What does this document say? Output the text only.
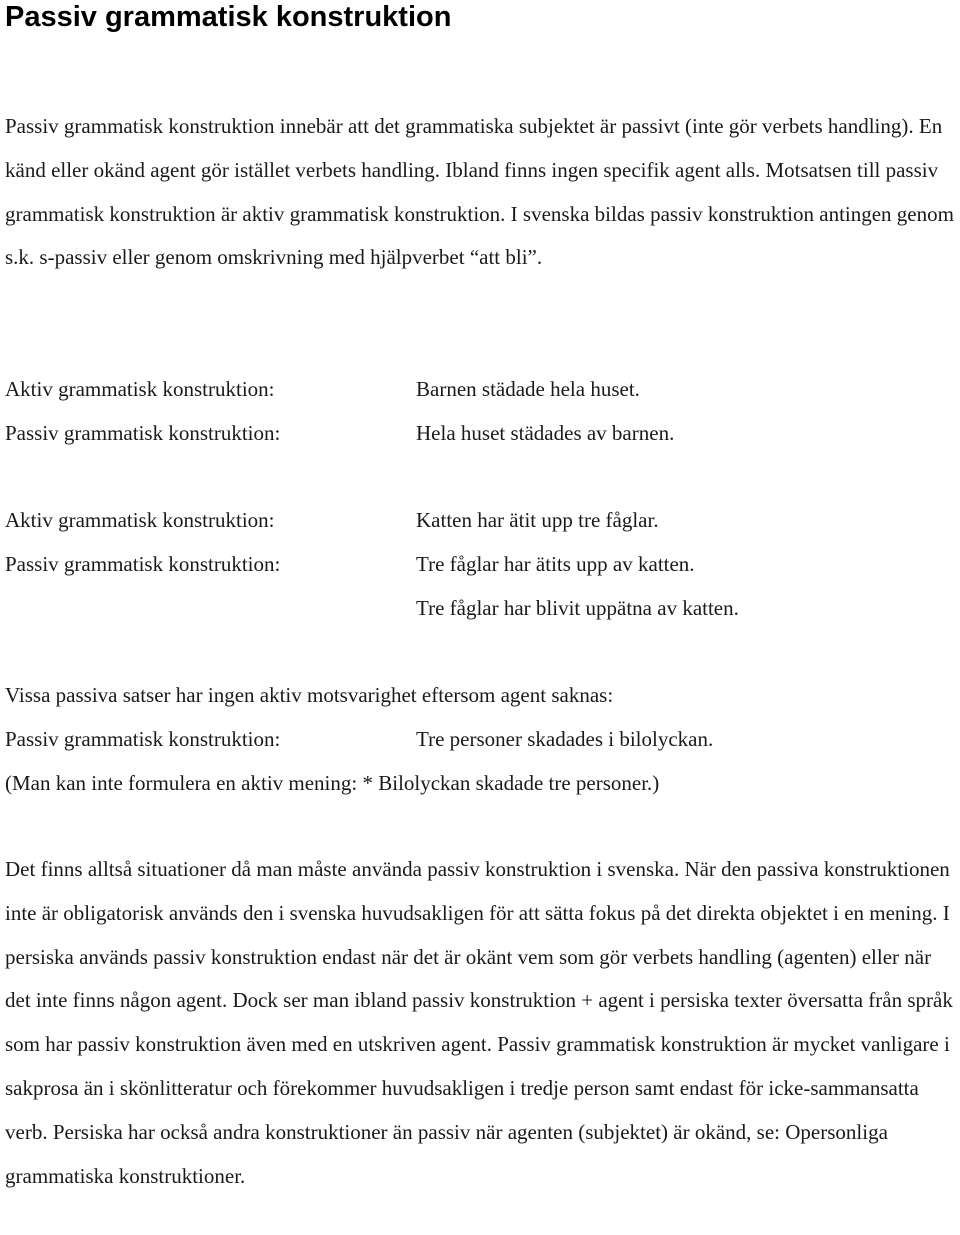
Passiv grammatisk konstruktion

Passiv grammatisk konstruktion innebär att det grammatiska subjektet är passivt (inte gör verbets handling). En känd eller okänd agent gör istället verbets handling. Ibland finns ingen specifik agent alls. Motsatsen till passiv grammatisk konstruktion är aktiv grammatisk konstruktion. I svenska bildas passiv konstruktion antingen genom s.k. s-passiv eller genom omskrivning med hjälpverbet “att bli”.

Aktiv grammatisk konstruktion:	Barnen städade hela huset.
Passiv grammatisk konstruktion:	Hela huset städades av barnen.
Aktiv grammatisk konstruktion:	Katten har ätit upp tre fåglar.
Passiv grammatisk konstruktion:	Tre fåglar har ätits upp av katten.
Tre fåglar har blivit uppätna av katten.
Vissa passiva satser har ingen aktiv motsvarighet eftersom agent saknas:
Passiv grammatisk konstruktion:	Tre personer skadades i bilolyckan.
(Man kan inte formulera en aktiv mening: * Bilolyckan skadade tre personer.)

Det finns alltså situationer då man måste använda passiv konstruktion i svenska. När den passiva konstruktionen inte är obligatorisk används den i svenska huvudsakligen för att sätta fokus på det direkta objektet i en mening. I persiska används passiv konstruktion endast när det är okänt vem som gör verbets handling (agenten) eller när det inte finns någon agent. Dock ser man ibland passiv konstruktion + agent i persiska texter översatta från språk som har passiv konstruktion även med en utskriven agent. Passiv grammatisk konstruktion är mycket vanligare i sakprosa än i skönlitteratur och förekommer huvudsakligen i tredje person samt endast för icke-sammansatta verb. Persiska har också andra konstruktioner än passiv när agenten (subjektet) är okänd, se: Opersonliga grammatiska konstruktioner.
